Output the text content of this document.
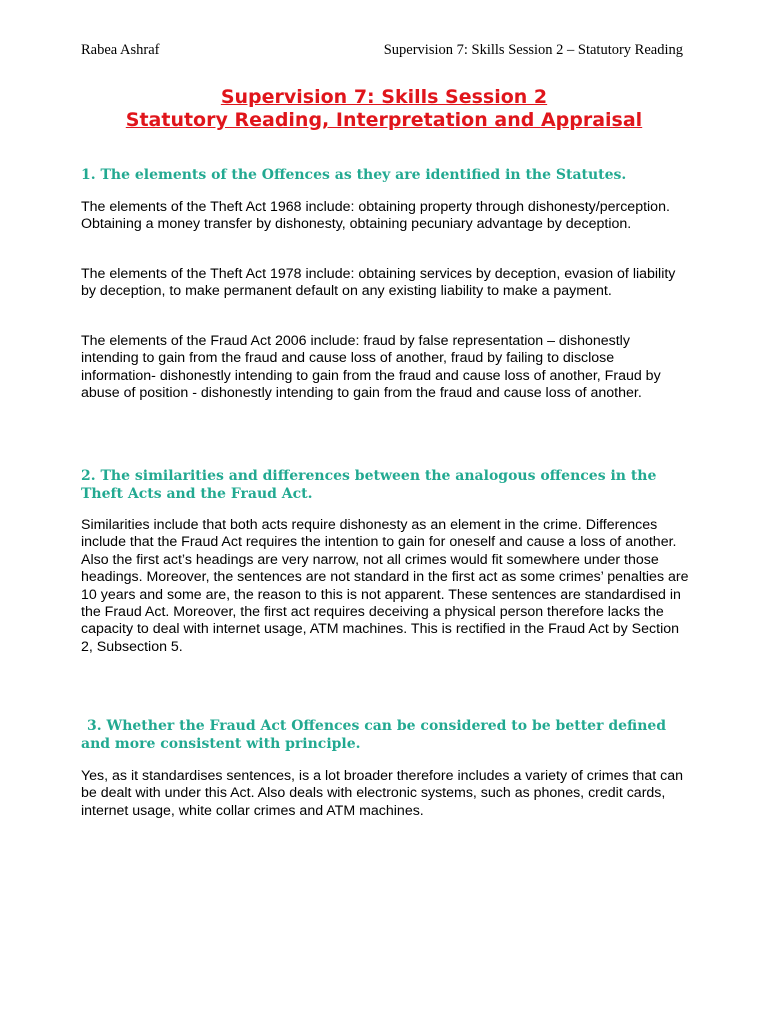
Rabea Ashraf	Supervision 7: Skills Session 2 – Statutory Reading
Supervision 7: Skills Session 2
Statutory Reading, Interpretation and Appraisal
1. The elements of the Offences as they are identified in the Statutes.

The elements of the Theft Act 1968 include: obtaining property through dishonesty/perception. Obtaining a money transfer by dishonesty, obtaining pecuniary advantage by deception.

The elements of the Theft Act 1978 include: obtaining services by deception, evasion of liability by deception, to make permanent default on any existing liability to make a payment.

The elements of the Fraud Act 2006 include: fraud by false representation – dishonestly intending to gain from the fraud and cause loss of another, fraud by failing to disclose information- dishonestly intending to gain from the fraud and cause loss of another, Fraud by abuse of position - dishonestly intending to gain from the fraud and cause loss of another.

2. The similarities and differences between the analogous offences in the Theft Acts and the Fraud Act.

Similarities include that both acts require dishonesty as an element in the crime. Differences include that the Fraud Act requires the intention to gain for oneself and cause a loss of another. Also the first act’s headings are very narrow, not all crimes would fit somewhere under those headings. Moreover, the sentences are not standard in the first act as some crimes’ penalties are 10 years and some are, the reason to this is not apparent. These sentences are standardised in the Fraud Act. Moreover, the first act requires deceiving a physical person therefore lacks the capacity to deal with internet usage, ATM machines. This is rectified in the Fraud Act by Section 2, Subsection 5.

3. Whether the Fraud Act Offences can be considered to be better defined and more consistent with principle.

Yes, as it standardises sentences, is a lot broader therefore includes a variety of crimes that can be dealt with under this Act. Also deals with electronic systems, such as phones, credit cards, internet usage, white collar crimes and ATM machines.
